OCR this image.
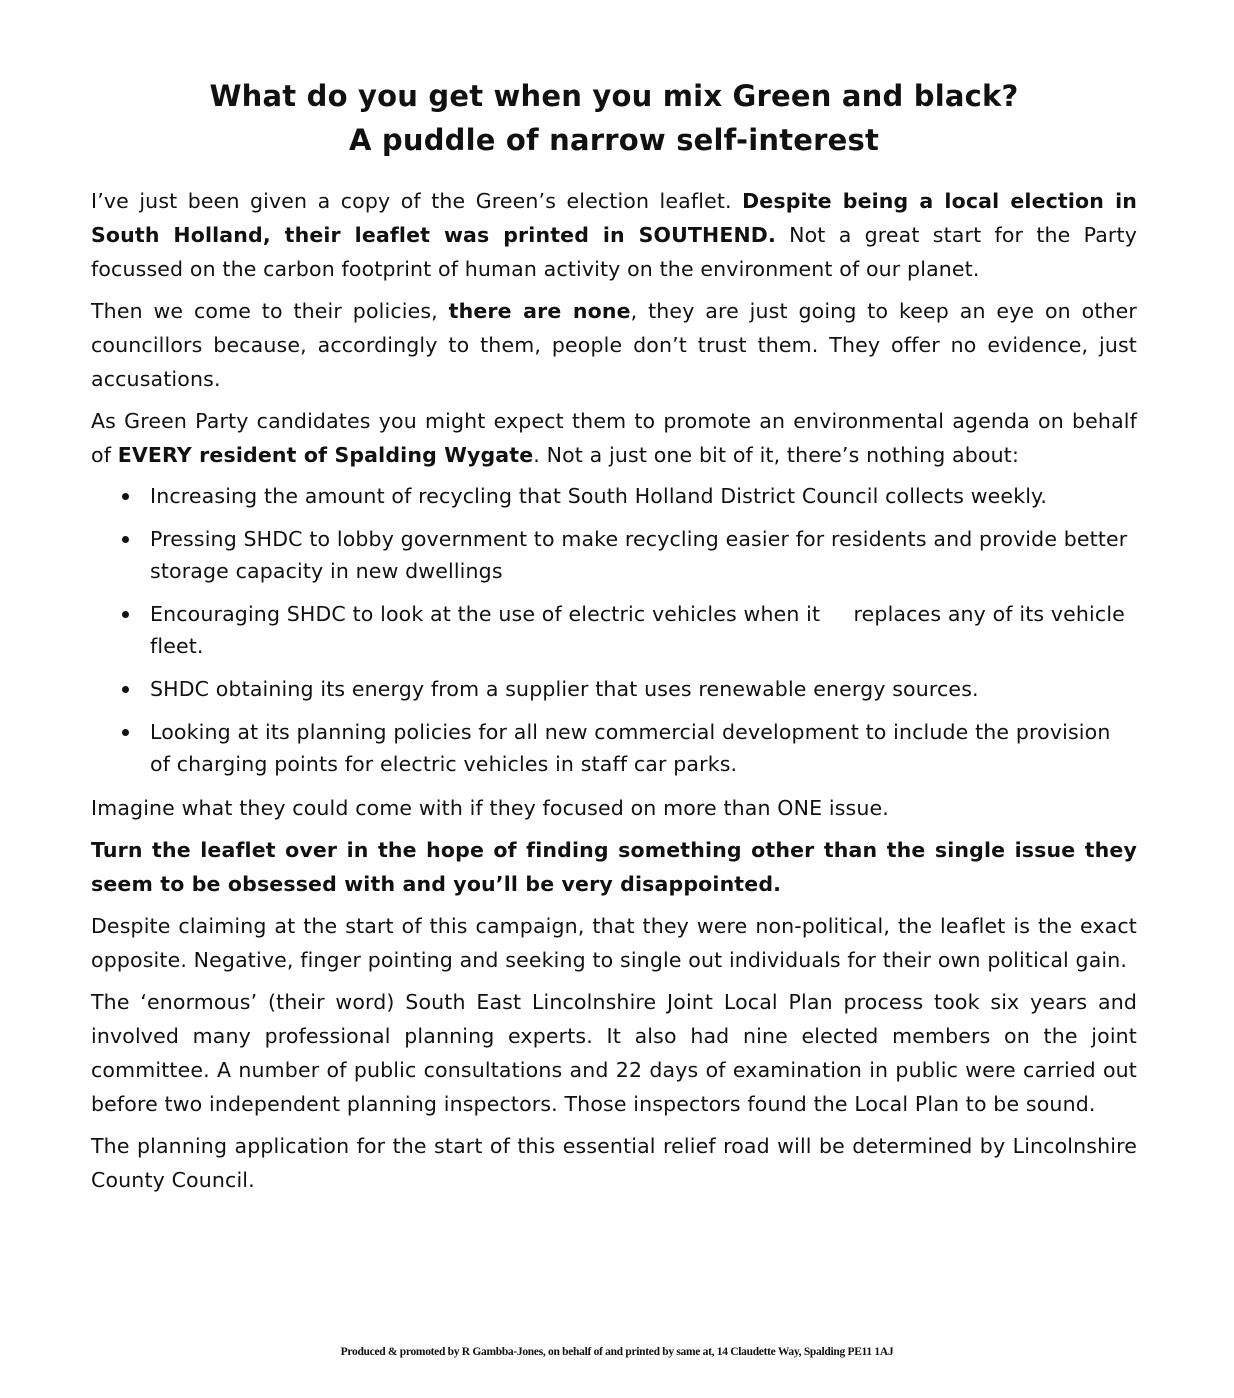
What do you get when you mix Green and black?
A puddle of narrow self-interest

I’ve just been given a copy of the Green’s election leaflet. Despite being a local election in South Holland, their leaflet was printed in SOUTHEND. Not a great start for the Party focussed on the carbon footprint of human activity on the environment of our planet.

Then we come to their policies, there are none, they are just going to keep an eye on other councillors because, accordingly to them, people don’t trust them. They offer no evidence, just accusations.

As Green Party candidates you might expect them to promote an environmental agenda on behalf of EVERY resident of Spalding Wygate. Not a just one bit of it, there’s nothing about:

Increasing the amount of recycling that South Holland District Council collects weekly.
Pressing SHDC to lobby government to make recycling easier for residents and provide better storage capacity in new dwellings
Encouraging SHDC to look at the use of electric vehicles when it     replaces any of its vehicle fleet.
SHDC obtaining its energy from a supplier that uses renewable energy sources.
Looking at its planning policies for all new commercial development to include the provision of charging points for electric vehicles in staff car parks.

Imagine what they could come with if they focused on more than ONE issue.

Turn the leaflet over in the hope of finding something other than the single issue they seem to be obsessed with and you’ll be very disappointed.

Despite claiming at the start of this campaign, that they were non-political, the leaflet is the exact opposite. Negative, finger pointing and seeking to single out individuals for their own political gain.

The ‘enormous’ (their word) South East Lincolnshire Joint Local Plan process took six years and involved many professional planning experts. It also had nine elected members on the joint committee. A number of public consultations and 22 days of examination in public were carried out before two independent planning inspectors. Those inspectors found the Local Plan to be sound.

The planning application for the start of this essential relief road will be determined by Lincolnshire County Council.

Produced & promoted by R Gambba-Jones, on behalf of and printed by same at, 14 Claudette Way, Spalding PE11 1AJ
